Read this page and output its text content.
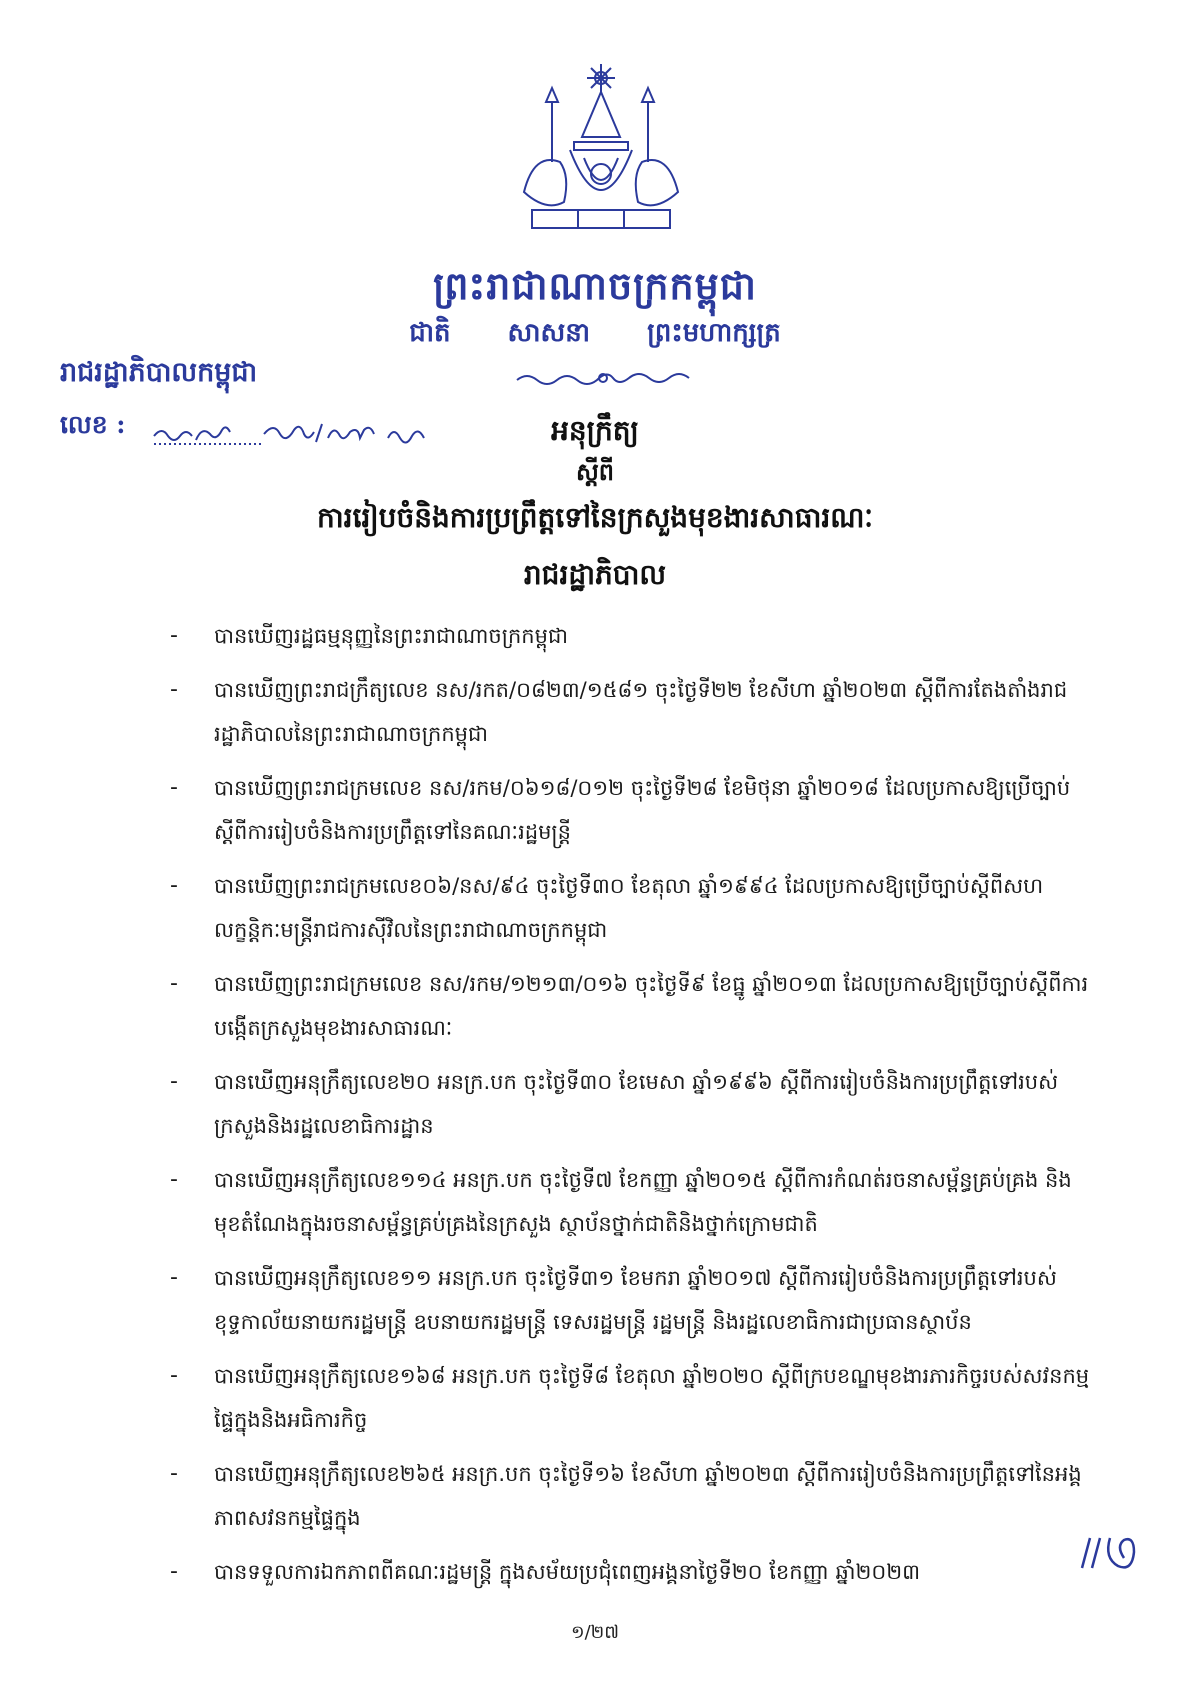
ព្រះរាជាណាចក្រកម្ពុជា
ជាតិ សាសនា ព្រះមហាក្សត្រ
រាជរដ្ឋាភិបាលកម្ពុជា
លេខ :	អនុក្រឹត្យ
ស្ដីពី
ការរៀបចំនិងការប្រព្រឹត្តទៅនៃក្រសួងមុខងារសាធារណៈ
រាជរដ្ឋាភិបាល
- បានឃើញរដ្ឋធម្មនុញ្ញនៃព្រះរាជាណាចក្រកម្ពុជា
- បានឃើញព្រះរាជក្រឹត្យលេខ នស/រកត/០៨២៣/១៥៨១ ចុះថ្ងៃទី២២ ខែសីហា ឆ្នាំ២០២៣ ស្ដីពីការតែងតាំងរាជរដ្ឋាភិបាលនៃព្រះរាជាណាចក្រកម្ពុជា
- បានឃើញព្រះរាជក្រមលេខ នស/រកម/០៦១៨/០១២ ចុះថ្ងៃទី២៨ ខែមិថុនា ឆ្នាំ២០១៨ ដែលប្រកាសឱ្យប្រើច្បាប់ស្ដីពីការរៀបចំនិងការប្រព្រឹត្តទៅនៃគណៈរដ្ឋមន្ត្រី
- បានឃើញព្រះរាជក្រមលេខ០៦/នស/៩៤ ចុះថ្ងៃទី៣០ ខែតុលា ឆ្នាំ១៩៩៤ ដែលប្រកាសឱ្យប្រើច្បាប់ស្ដីពីសហលក្ខន្តិកៈមន្ត្រីរាជការស៊ីវិលនៃព្រះរាជាណាចក្រកម្ពុជា
- បានឃើញព្រះរាជក្រមលេខ នស/រកម/១២១៣/០១៦ ចុះថ្ងៃទី៩ ខែធ្នូ ឆ្នាំ២០១៣ ដែលប្រកាសឱ្យប្រើច្បាប់ស្ដីពីការបង្កើតក្រសួងមុខងារសាធារណៈ
- បានឃើញអនុក្រឹត្យលេខ២០ អនក្រ.បក ចុះថ្ងៃទី៣០ ខែមេសា ឆ្នាំ១៩៩៦ ស្ដីពីការរៀបចំនិងការប្រព្រឹត្តទៅរបស់ក្រសួងនិងរដ្ឋលេខាធិការដ្ឋាន
- បានឃើញអនុក្រឹត្យលេខ១១៤ អនក្រ.បក ចុះថ្ងៃទី៧ ខែកញ្ញា ឆ្នាំ២០១៥ ស្ដីពីការកំណត់រចនាសម្ព័ន្ធគ្រប់គ្រង និងមុខតំណែងក្នុងរចនាសម្ព័ន្ធគ្រប់គ្រងនៃក្រសួង ស្ថាប័នថ្នាក់ជាតិនិងថ្នាក់ក្រោមជាតិ
- បានឃើញអនុក្រឹត្យលេខ១១ អនក្រ.បក ចុះថ្ងៃទី៣១ ខែមករា ឆ្នាំ២០១៧ ស្ដីពីការរៀបចំនិងការប្រព្រឹត្តទៅរបស់ខុទ្ទកាល័យនាយករដ្ឋមន្ត្រី ឧបនាយករដ្ឋមន្ត្រី ទេសរដ្ឋមន្ត្រី រដ្ឋមន្ត្រី និងរដ្ឋលេខាធិការជាប្រធានស្ថាប័ន
- បានឃើញអនុក្រឹត្យលេខ១៦៨ អនក្រ.បក ចុះថ្ងៃទី៨ ខែតុលា ឆ្នាំ២០២០ ស្ដីពីក្របខណ្ឌមុខងារភារកិច្ចរបស់សវនកម្មផ្ទៃក្នុងនិងអធិការកិច្ច
- បានឃើញអនុក្រឹត្យលេខ២៦៥ អនក្រ.បក ចុះថ្ងៃទី១៦ ខែសីហា ឆ្នាំ២០២៣ ស្ដីពីការរៀបចំនិងការប្រព្រឹត្តទៅនៃអង្គភាពសវនកម្មផ្ទៃក្នុង
- បានទទួលការឯកភាពពីគណៈរដ្ឋមន្ត្រី ក្នុងសម័យប្រជុំពេញអង្គនាថ្ងៃទី២០ ខែកញ្ញា ឆ្នាំ២០២៣
១/២៧
